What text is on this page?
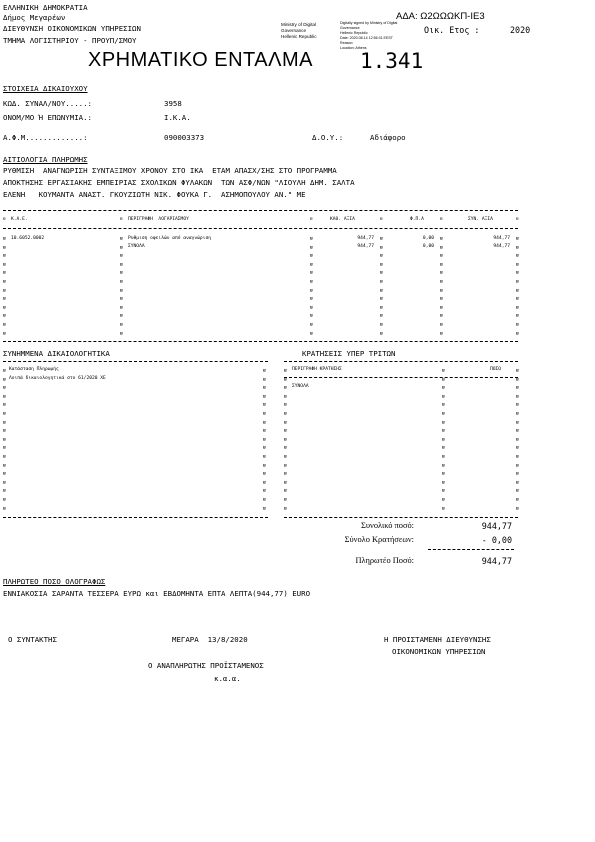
ΕΛΛΗΝΙΚΗ ΔΗΜΟΚΡΑΤΙΑ
Δήμος Μεγαρέων
ΔΙΕΥΘΥΝΣΗ ΟΙΚΟΝΟΜΙΚΩΝ ΥΠΗΡΕΣΙΩΝ
ΤΜΗΜΑ ΛΟΓΙΣΤΗΡΙΟΥ - ΠΡΟΥΠ/ΣΜΟΥ
ΑΔΑ: Ω2ΩΩΩΚΠ-ΙΕ3
Ministry of Digital
Governance
Hellenic Republic
Digitally signed by Ministry of Digital
Governance
Hellenic Republic
Date: 2020.08.14 12:56:31 EEST
Reason:
Location: Athens
Οικ. Ετος :	2020
ΧΡΗΜΑΤΙΚΟ ΕΝΤΑΛΜΑ 1.341
ΣΤΟΙΧΕΙΑ ΔΙΚΑΙΟΥΧΟΥ
ΚΩΔ. ΣΥΝΑΛ/ΝΟΥ.....:	3958
ΟΝΟΜ/ΜΟ Ή ΕΠΩΝΥΜΙΑ.:	Ι.Κ.Α.
Α.Φ.Μ.............:	090003373	Δ.Ο.Υ.:	Αδιάφορο
ΑΙΤΙΟΛΟΓΙΑ ΠΛΗΡΩΜΗΣ
ΡΥΘΜΙΣΗ  ΑΝΑΓΝΩΡΙΣΗ ΣΥΝΤΑΞΙΜΟΥ ΧΡΟΝΟΥ ΣΤΟ ΙΚΑ  ΕΤΑΜ ΑΠΑΣΧ/ΣΗΣ ΣΤΟ ΠΡΟΓΡΑΜΜΑ
ΑΠΟΚΤΗΣΗΣ ΕΡΓΑΣΙΑΚΗΣ ΕΜΠΕΙΡΙΑΣ ΣΧΟΛΙΚΩΝ ΦΥΛΑΚΩΝ  ΤΩΝ ΑΣΦ/ΝΩΝ "ΛΙΟΥΛΗ ΔΗΜ. ΣΑΛΤΑ
ΕΛΕΝΗ   ΚΟΥΜΑΝΤΑ ΑΝΑΣΤ. ΓΚΟΥΖΙΩΤΗ ΝΙΚ. ΦΟΥΚΑ Γ.  ΑΣΗΜΟΠΟΥΛΟΥ ΑΝ." ΜΕ
ɐ Κ.Α.Ε.	ɐ ΠΕΡΙΓΡΑΦΗ  ΛΟΓΑΡΙΑΣΜΟΥ	ɐ	ΚΑΘ. ΑΞΙΑ	ɐ	Φ.Π.Α	ɐ	ΣΥΝ. ΑΞΙΑ	ɐ
10.6052.0002	Ρυθμιση οφειλών από αναγνώριση	944,77	0,00	944,77
ΣΥΝΟΛΑ	944,77	0,00	944,77
ɐ
ɐ
ɐ
ɐ
ɐ
ɐ
ɐ
ɐ
ɐ
ɐ
ɐ
ɐ
ɐ
ɐ
ɐ
ɐ
ɐ
ɐ
ɐ
ɐ
ɐ
ɐ
ɐ
ɐ
ɐ
ɐ
ɐ
ɐ
ɐ
ɐ
ɐ
ɐ
ɐ
ɐ
ɐ
ɐ
ɐ
ɐ
ɐ
ɐ
ɐ
ɐ
ɐ
ɐ
ɐ
ɐ
ɐ
ɐ
ɐ
ɐ
ɐ
ɐ
ɐ
ɐ
ɐ
ɐ
ɐ
ɐ
ɐ
ɐ
ɐ
ɐ
ɐ
ɐ
ɐ
ɐ
ɐ
ɐ
ɐ
ɐ
ɐ
ɐ
ΣΥΝΗΜΜΕΝΑ ΔΙΚΑΙΟΛΟΓΗΤΙΚΑ
Κατάσταση Πληρωμής
Λοιπά δικαιολογητικά στο 61/2020 ΧΕ
ɐ
ɐ
ɐ
ɐ
ɐ
ɐ
ɐ
ɐ
ɐ
ɐ
ɐ
ɐ
ɐ
ɐ
ɐ
ɐ
ɐ
ɐ
ɐ
ɐ
ɐ
ɐ
ɐ
ɐ
ɐ
ɐ
ɐ
ɐ
ɐ
ɐ
ɐ
ɐ
ɐ
ɐ
ΚΡΑΤΗΣΕΙΣ ΥΠΕΡ ΤΡΙΤΩΝ
ΠΕΡΙΓΡΑΦΗ ΚΡΑΤΗΣΗΣ	ΠΟΣΟ
ΣΥΝΟΛΑ
ɐ
ɐ
ɐ
ɐ
ɐ
ɐ
ɐ
ɐ
ɐ
ɐ
ɐ
ɐ
ɐ
ɐ
ɐ
ɐ
ɐ
ɐ
ɐ
ɐ
ɐ
ɐ
ɐ
ɐ
ɐ
ɐ
ɐ
ɐ
ɐ
ɐ
ɐ
ɐ
ɐ
ɐ
ɐ
ɐ
ɐ
ɐ
ɐ
ɐ
ɐ
ɐ
ɐ
ɐ
ɐ
ɐ
ɐ
ɐ
ɐ
ɐ
ɐ
Συνολικό ποσό:	944,77
Σύνολο Κρατήσεων:	- 0,00
Πληρωτέο Ποσό:	944,77
ΠΛΗΡΩΤΕΟ ΠΟΣΟ ΟΛΟΓΡΑΦΩΣ
ΕΝΝΙΑΚΟΣΙΑ ΣΑΡΑΝΤΑ ΤΕΣΣΕΡΑ ΕΥΡΩ και ΕΒΔΟΜΗΝΤΑ ΕΠΤΑ ΛΕΠΤΑ(944,77) EURO
Ο ΣΥΝΤΑΚΤΗΣ	ΜΕΓΑΡΑ  13/8/2020	Η ΠΡΟΙΣΤΑΜΕΝΗ ΔΙΕΥΘΥΝΣΗΣ
ΟΙΚΟΝΟΜΙΚΩΝ ΥΠΗΡΕΣΙΩΝ
Ο ΑΝΑΠΛΗΡΩΤΗΣ ΠΡΟΪΣΤΑΜΕΝΟΣ
κ.α.α.
